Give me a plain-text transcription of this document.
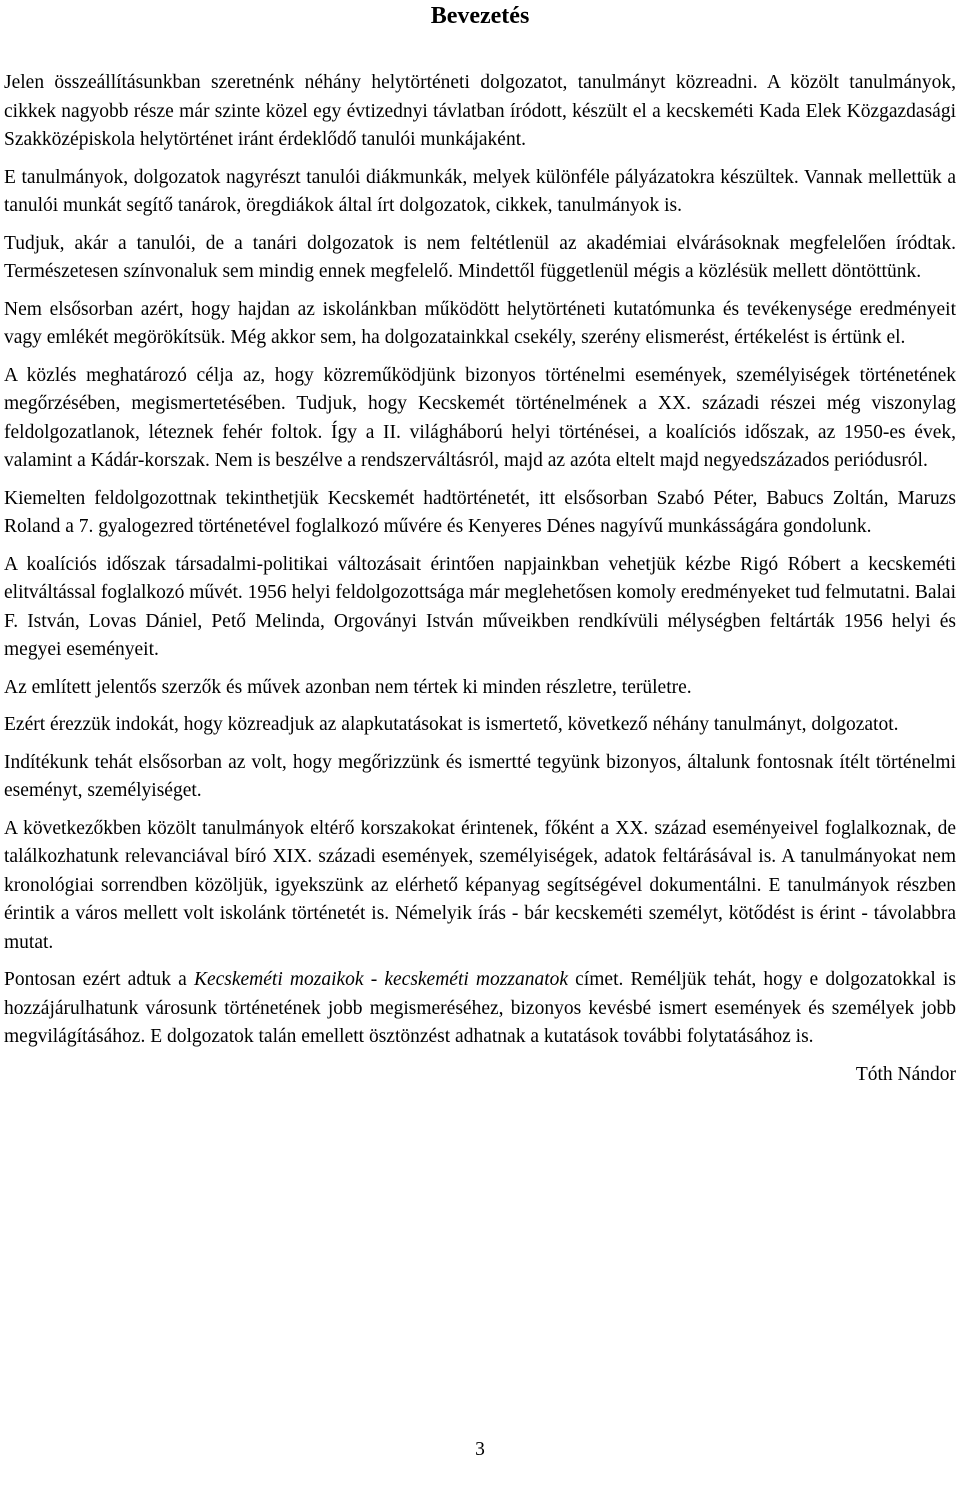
Bevezetés

Jelen összeállításunkban szeretnénk néhány helytörténeti dolgozatot, tanulmányt közreadni. A közölt tanulmányok, cikkek nagyobb része már szinte közel egy évtizednyi távlatban íródott, készült el a kecskeméti Kada Elek Közgazdasági Szakközépiskola helytörténet iránt érdeklődő tanulói munkájaként.

E tanulmányok, dolgozatok nagyrészt tanulói diákmunkák, melyek különféle pályázatokra készültek. Vannak mellettük a tanulói munkát segítő tanárok, öregdiákok által írt dolgozatok, cikkek, tanulmányok is.

Tudjuk, akár a tanulói, de a tanári dolgozatok is nem feltétlenül az akadémiai elvárásoknak megfelelően íródtak. Természetesen színvonaluk sem mindig ennek megfelelő. Mindettől függetlenül mégis a közlésük mellett döntöttünk.

Nem elsősorban azért, hogy hajdan az iskolánkban működött helytörténeti kutatómunka és tevékenysége eredményeit vagy emlékét megörökítsük. Még akkor sem, ha dolgozatainkkal csekély, szerény elismerést, értékelést is értünk el.

A közlés meghatározó célja az, hogy közreműködjünk bizonyos történelmi események, személyiségek történetének megőrzésében, megismertetésében. Tudjuk, hogy Kecskemét történelmének a XX. századi részei még viszonylag feldolgozatlanok, léteznek fehér foltok. Így a II. világháború helyi történései, a koalíciós időszak, az 1950-es évek, valamint a Kádár-korszak. Nem is beszélve a rendszerváltásról, majd az azóta eltelt majd negyedszázados periódusról.

Kiemelten feldolgozottnak tekinthetjük Kecskemét hadtörténetét, itt elsősorban Szabó Péter, Babucs Zoltán, Maruzs Roland a 7. gyalogezred történetével foglalkozó művére és Kenyeres Dénes nagyívű munkásságára gondolunk.

A koalíciós időszak társadalmi-politikai változásait érintően napjainkban vehetjük kézbe Rigó Róbert a kecskeméti elitváltással foglalkozó művét. 1956 helyi feldolgozottsága már meglehetősen komoly eredményeket tud felmutatni. Balai F. István, Lovas Dániel, Pető Melinda, Orgoványi István műveikben rendkívüli mélységben feltárták 1956 helyi és megyei eseményeit.

Az említett jelentős szerzők és művek azonban nem tértek ki minden részletre, területre.

Ezért érezzük indokát, hogy közreadjuk az alapkutatásokat is ismertető, következő néhány tanulmányt, dolgozatot.

Indítékunk tehát elsősorban az volt, hogy megőrizzünk és ismertté tegyünk bizonyos, általunk fontosnak ítélt történelmi eseményt, személyiséget.

A következőkben közölt tanulmányok eltérő korszakokat érintenek, főként a XX. század eseményeivel foglalkoznak, de találkozhatunk relevanciával bíró XIX. századi események, személyiségek, adatok feltárásával is. A tanulmányokat nem kronológiai sorrendben közöljük, igyekszünk az elérhető képanyag segítségével dokumentálni. E tanulmányok részben érintik a város mellett volt iskolánk történetét is. Némelyik írás - bár kecskeméti személyt, kötődést is érint - távolabbra mutat.

Pontosan ezért adtuk a Kecskeméti mozaikok - kecskeméti mozzanatok címet. Reméljük tehát, hogy e dolgozatokkal is hozzájárulhatunk városunk történetének jobb megismeréséhez, bizonyos kevésbé ismert események és személyek jobb megvilágításához. E dolgozatok talán emellett ösztönzést adhatnak a kutatások további folytatásához is.

Tóth Nándor

3
